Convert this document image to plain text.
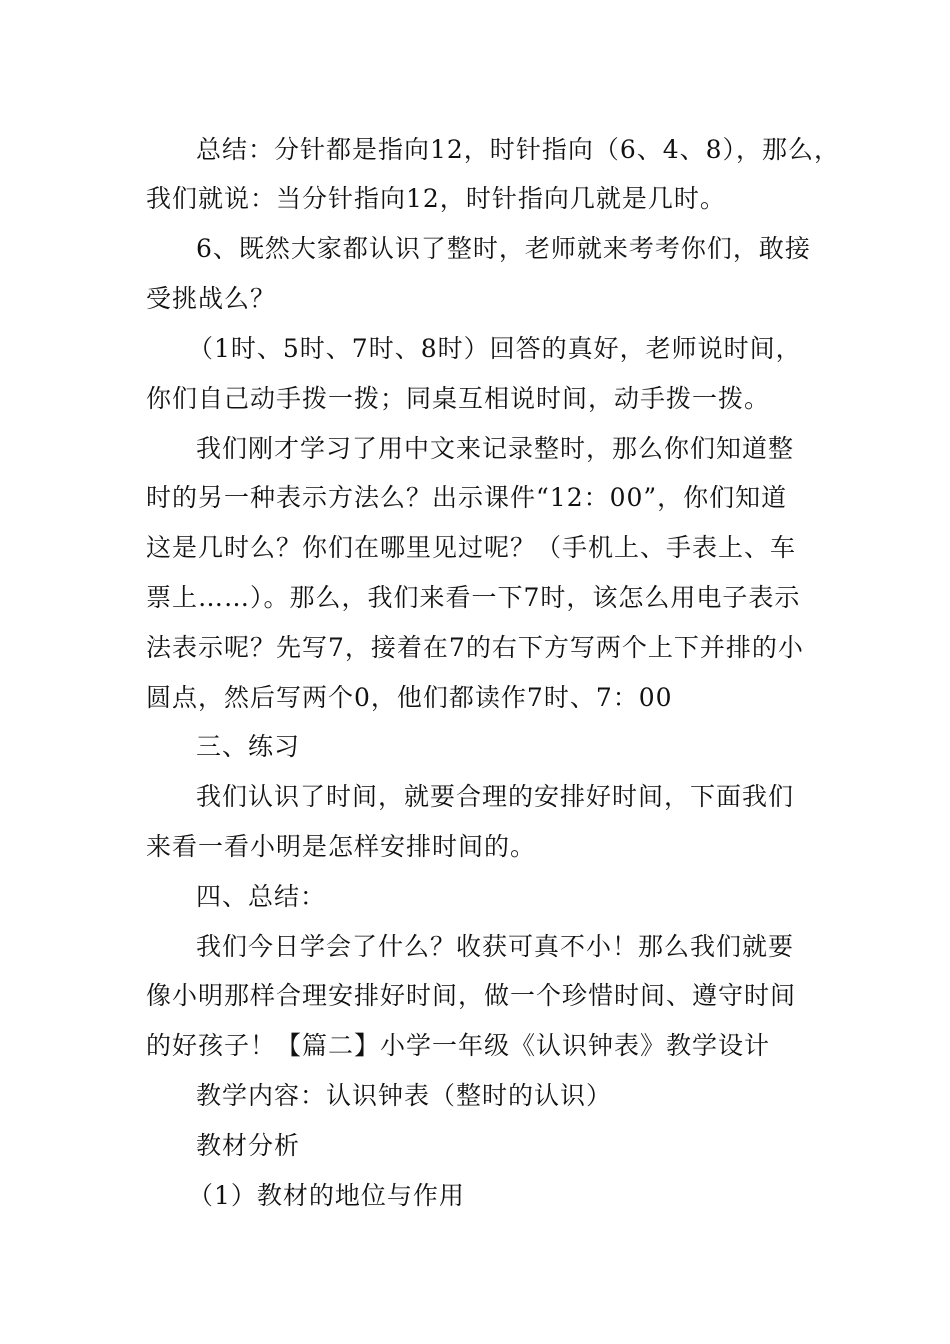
总结：分针都是指向12，时针指向（6、4、8），那么，
我们就说：当分针指向12，时针指向几就是几时。
6、既然大家都认识了整时，老师就来考考你们，敢接
受挑战么？
（1时、5时、7时、8时）回答的真好，老师说时间，
你们自己动手拨一拨；同桌互相说时间，动手拨一拨。
我们刚才学习了用中文来记录整时，那么你们知道整
时的另一种表示方法么？出示课件“12：00”，你们知道
这是几时么？你们在哪里见过呢？（手机上、手表上、车
票上……）。那么，我们来看一下7时，该怎么用电子表示
法表示呢？先写7，接着在7的右下方写两个上下并排的小
圆点，然后写两个0，他们都读作7时、7：00
三、练习
我们认识了时间，就要合理的安排好时间，下面我们
来看一看小明是怎样安排时间的。
四、总结：
我们今日学会了什么？收获可真不小！那么我们就要
像小明那样合理安排好时间，做一个珍惜时间、遵守时间
的好孩子！【篇二】小学一年级《认识钟表》教学设计
教学内容：认识钟表（整时的认识）
教材分析
（1）教材的地位与作用
